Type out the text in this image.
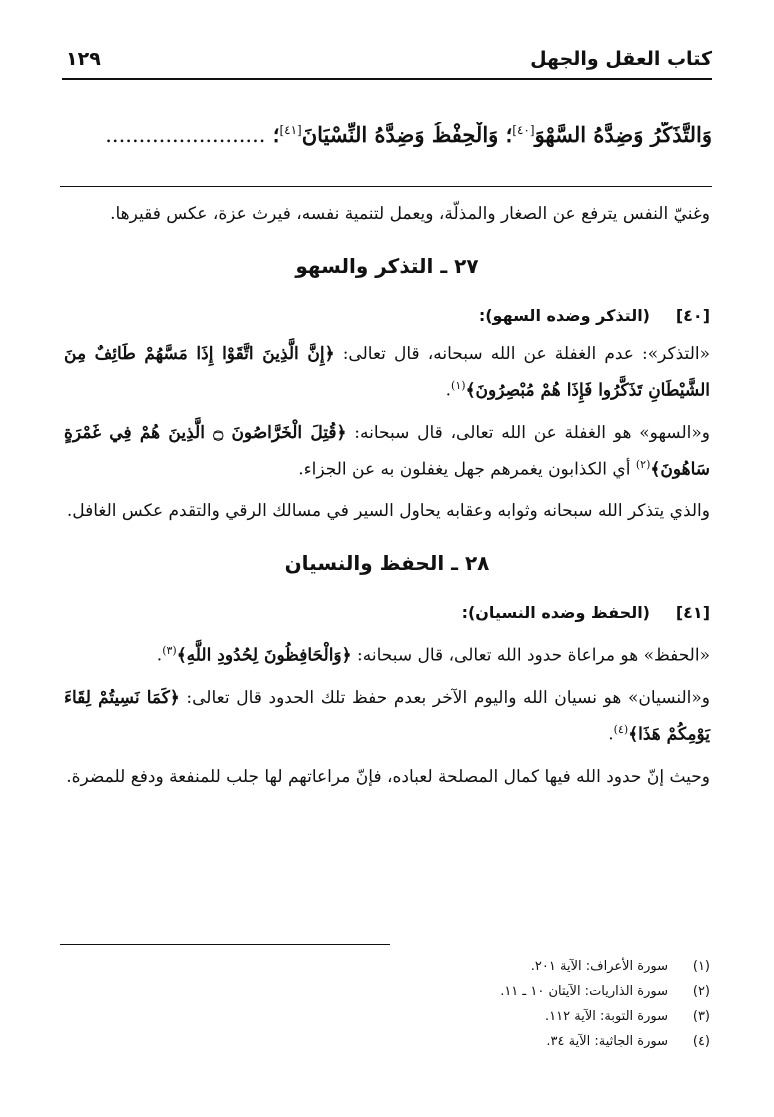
كتاب العقل والجهل
١٢٩
وَالتَّذَكُّرُ وَضِدَّهُ السَّهْوَ[٤٠]؛ وَالْحِفْظُ وَضِدَّهُ النِّسْيَانَ[٤١]؛ ........................

وغنيّ النفس يترفع عن الصغار والمذلّة، ويعمل لتنمية نفسه، فيرث عزة، عكس فقيرها.

٢٧ ـ التذكر والسهو
[٤٠](التذكر وضده السهو):

«التذكر»: عدم الغفلة عن الله سبحانه، قال تعالى: ﴿إِنَّ الَّذِينَ اتَّقَوْا إِذَا مَسَّهُمْ طَائِفٌ مِنَ الشَّيْطَانِ تَذَكَّرُوا فَإِذَا هُمْ مُبْصِرُونَ﴾$^{(١)}$.

و«السهو» هو الغفلة عن الله تعالى، قال سبحانه: ﴿قُتِلَ الْخَرَّاصُونَ ۝ الَّذِينَ هُمْ فِي غَمْرَةٍ سَاهُونَ﴾$^{(٢)}$ أي الكذابون يغمرهم جهل يغفلون به عن الجزاء.

والذي يتذكر الله سبحانه وثوابه وعقابه يحاول السير في مسالك الرقي والتقدم عكس الغافل.

٢٨ ـ الحفظ والنسيان
[٤١](الحفظ وضده النسيان):

«الحفظ» هو مراعاة حدود الله تعالى، قال سبحانه: ﴿وَالْحَافِظُونَ لِحُدُودِ اللَّهِ﴾$^{(٣)}$.

و«النسيان» هو نسيان الله واليوم الآخر بعدم حفظ تلك الحدود قال تعالى: ﴿كَمَا نَسِيتُمْ لِقَاءَ يَوْمِكُمْ هَذَا﴾$^{(٤)}$.

وحيث إنّ حدود الله فيها كمال المصلحة لعباده، فإنّ مراعاتهم لها جلب للمنفعة ودفع للمضرة.

(١)
سورة الأعراف: الآية ٢٠١.
(٢)
سورة الذاريات: الآيتان ١٠ ـ ١١.
(٣)
سورة التوبة: الآية ١١٢.
(٤)
سورة الجاثية: الآية ٣٤.
